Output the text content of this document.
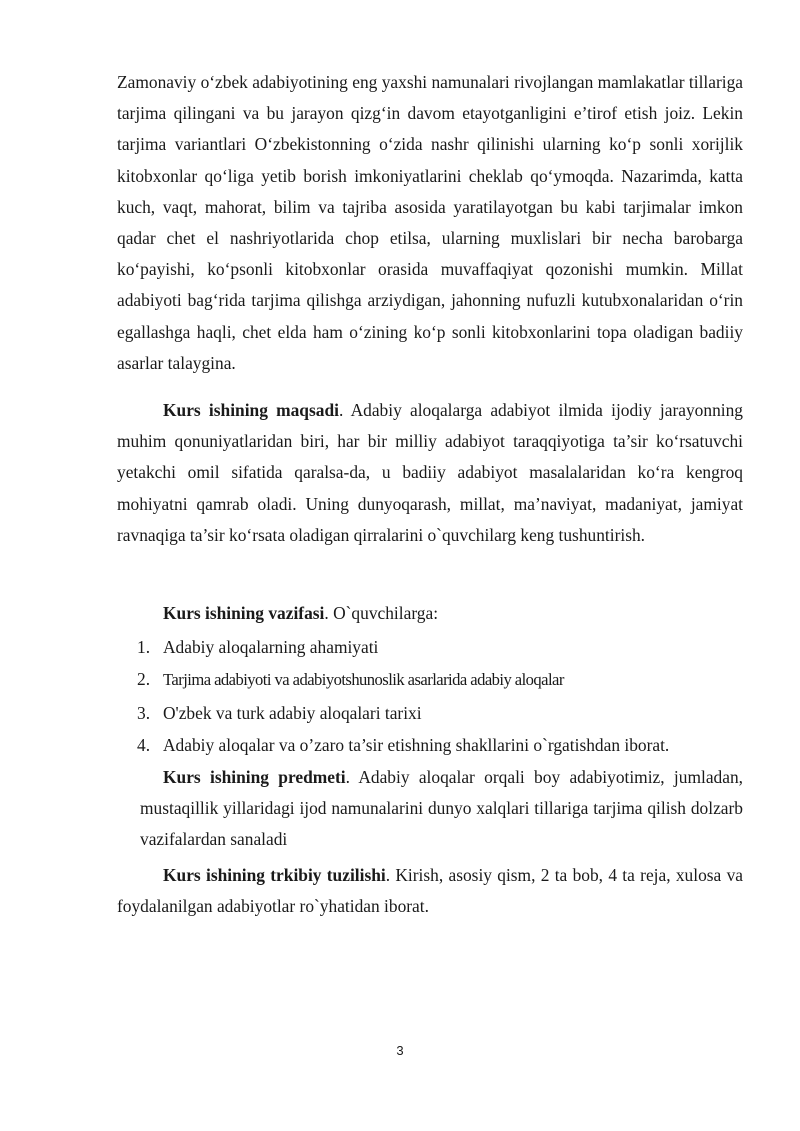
Zamonaviy o‘zbek adabiyotining eng yaxshi namunalari rivojlangan mamlakatlar tillariga tarjima qilingani va bu jarayon qizg‘in davom etayotganligini e’tirof etish joiz. Lekin tarjima variantlari O‘zbekistonning o‘zida nashr qilinishi ularning ko‘p sonli xorijlik kitobxonlar qo‘liga yetib borish imkoniyatlarini cheklab qo‘ymoqda. Nazarimda, katta kuch, vaqt, mahorat, bilim va tajriba asosida yaratilayotgan bu kabi tarjimalar imkon qadar chet el nashriyotlarida chop etilsa, ularning muxlislari bir necha barobarga ko‘payishi, ko‘psonli kitobxonlar orasida muvaffaqiyat qozonishi mumkin. Millat adabiyoti bag‘rida tarjima qilishga arziydigan, jahonning nufuzli kutubxonalaridan o‘rin egallashga haqli, chet elda ham o‘zining ko‘p sonli kitobxonlarini topa oladigan badiiy asarlar talaygina.
Kurs ishining maqsadi. Adabiy aloqalarga adabiyot ilmida ijodiy jarayonning muhim qonuniyatlaridan biri, har bir milliy adabiyot taraqqiyotiga ta’sir ko‘rsatuvchi yetakchi omil sifatida qaralsa-da, u badiiy adabiyot masalalaridan ko‘ra kengroq mohiyatni qamrab oladi. Uning dunyoqarash, millat, ma’naviyat, madaniyat, jamiyat ravnaqiga ta’sir ko‘rsata oladigan qirralarini o`quvchilarg keng tushuntirish.
Kurs ishining vazifasi. O`quvchilarga:
1. Adabiy aloqalarning ahamiyati
2. Tarjima adabiyoti va adabiyotshunoslik asarlarida adabiy aloqalar
3. O'zbek va turk adabiy aloqalari tarixi
4. Adabiy aloqalar va o’zaro ta’sir etishning shakllarini o`rgatishdan iborat.
Kurs ishining predmeti. Adabiy aloqalar orqali boy adabiyotimiz, jumladan, mustaqillik yillaridagi ijod namunalarini dunyo xalqlari tillariga tarjima qilish dolzarb vazifalardan sanaladi
Kurs ishining trkibiy tuzilishi. Kirish, asosiy qism, 2 ta bob, 4 ta reja, xulosa va foydalanilgan adabiyotlar ro`yhatidan iborat.
3
